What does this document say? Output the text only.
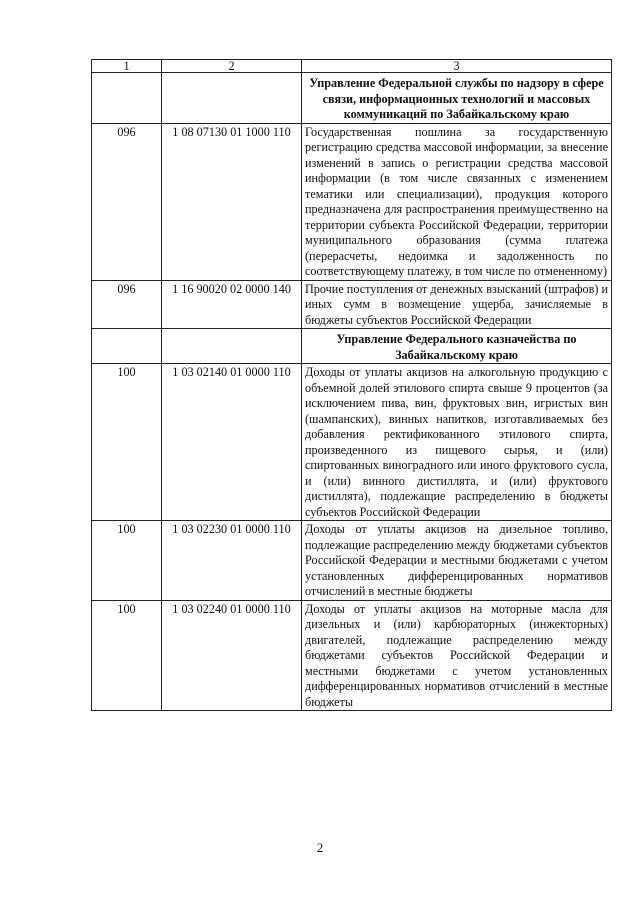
1	2	3
		Управление Федеральной службы по надзору в сфере связи, информационных технологий и массовых коммуникаций по Забайкальскому краю
096	1 08 07130 01 1000 110	Государственная пошлина за государственную регистрацию средства массовой информации, за внесение изменений в запись о регистрации средства массовой информации (в том числе связанных с изменением тематики или специализации), продукция которого предназначена для распространения преимущественно на территории субъекта Российской Федерации, территории муниципального образования (сумма платежа (перерасчеты, недоимка и задолженность по соответствующему платежу, в том числе по отмененному)
096	1 16 90020 02 0000 140	Прочие поступления от денежных взысканий (штрафов) и иных сумм в возмещение ущерба, зачисляемые в бюджеты субъектов Российской Федерации
		Управление Федерального казначейства по Забайкальскому краю
100	1 03 02140 01 0000 110	Доходы от уплаты акцизов на алкогольную продукцию с объемной долей этилового спирта свыше 9 процентов (за исключением пива, вин, фруктовых вин, игристых вин (шампанских), винных напитков, изготавливаемых без добавления ректификованного этилового спирта, произведенного из пищевого сырья, и (или) спиртованных виноградного или иного фруктового сусла, и (или) винного дистиллята, и (или) фруктового дистиллята), подлежащие распределению в бюджеты субъектов Российской Федерации
100	1 03 02230 01 0000 110	Доходы от уплаты акцизов на дизельное топливо, подлежащие распределению между бюджетами субъектов Российской Федерации и местными бюджетами с учетом установленных дифференцированных нормативов отчислений в местные бюджеты
100	1 03 02240 01 0000 110	Доходы от уплаты акцизов на моторные масла для дизельных и (или) карбюраторных (инжекторных) двигателей, подлежащие распределению между бюджетами субъектов Российской Федерации и местными бюджетами с учетом установленных дифференцированных нормативов отчислений в местные бюджеты
2
